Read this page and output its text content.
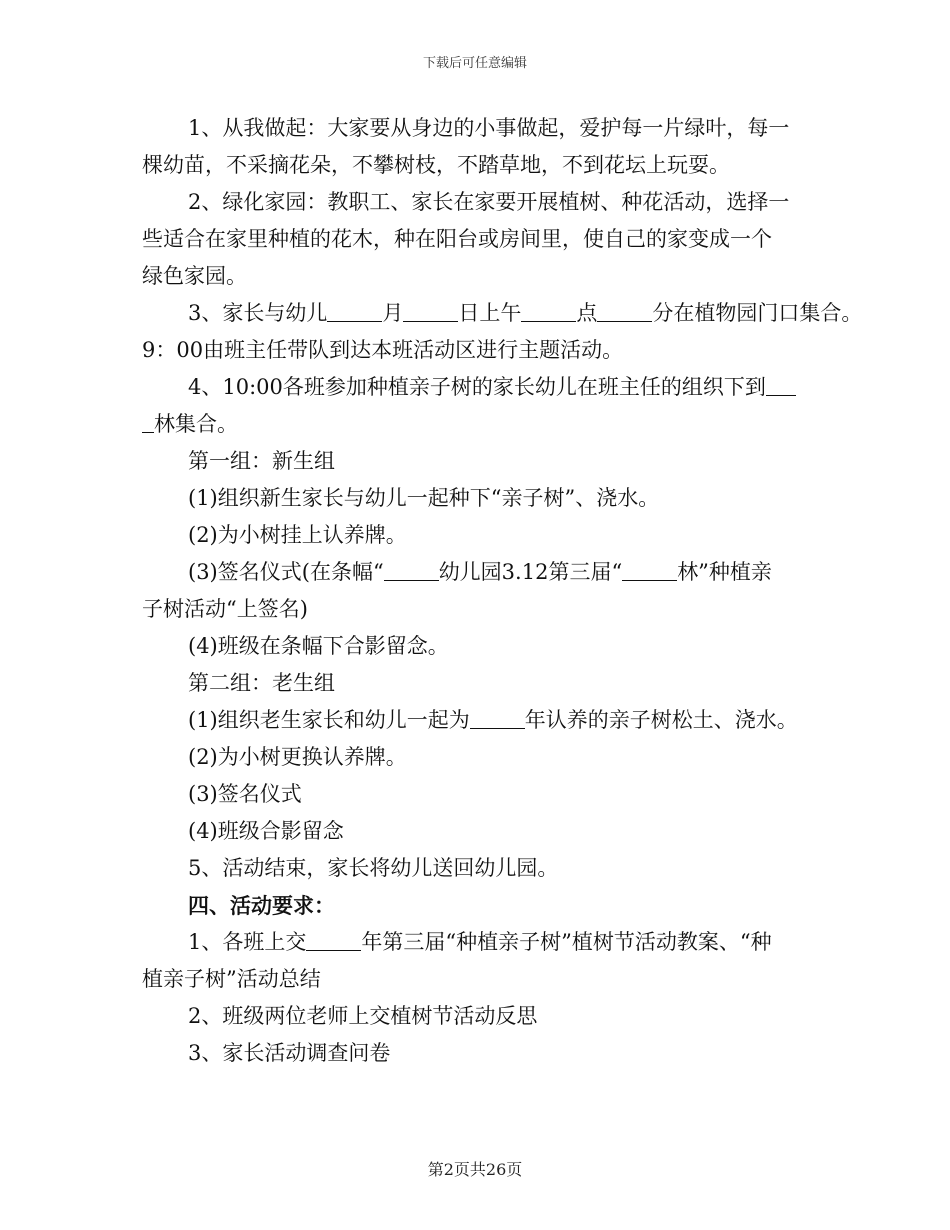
下载后可任意编辑
1、从我做起：大家要从身边的小事做起，爱护每一片绿叶，每一
棵幼苗，不采摘花朵，不攀树枝，不踏草地，不到花坛上玩耍。
2、绿化家园：教职工、家长在家要开展植树、种花活动，选择一
些适合在家里种植的花木，种在阳台或房间里，使自己的家变成一个
绿色家园。
3、家长与幼儿	月	日上午	点	分在植物园门口集合。
9：00由班主任带队到达本班活动区进行主题活动。
4、10:00各班参加种植亲子树的家长幼儿在班主任的组织下到
林集合。
第一组：新生组
(1)组织新生家长与幼儿一起种下“亲子树”、浇水。
(2)为小树挂上认养牌。
(3)签名仪式(在条幅“	幼儿园3.12第三届“	林”种植亲
子树活动“上签名)
(4)班级在条幅下合影留念。
第二组：老生组
(1)组织老生家长和幼儿一起为	年认养的亲子树松土、浇水。
(2)为小树更换认养牌。
(3)签名仪式
(4)班级合影留念
5、活动结束，家长将幼儿送回幼儿园。
四、活动要求：
1、各班上交	年第三届“种植亲子树”植树节活动教案、“种
植亲子树”活动总结
2、班级两位老师上交植树节活动反思
3、家长活动调查问卷
第2页共26页
